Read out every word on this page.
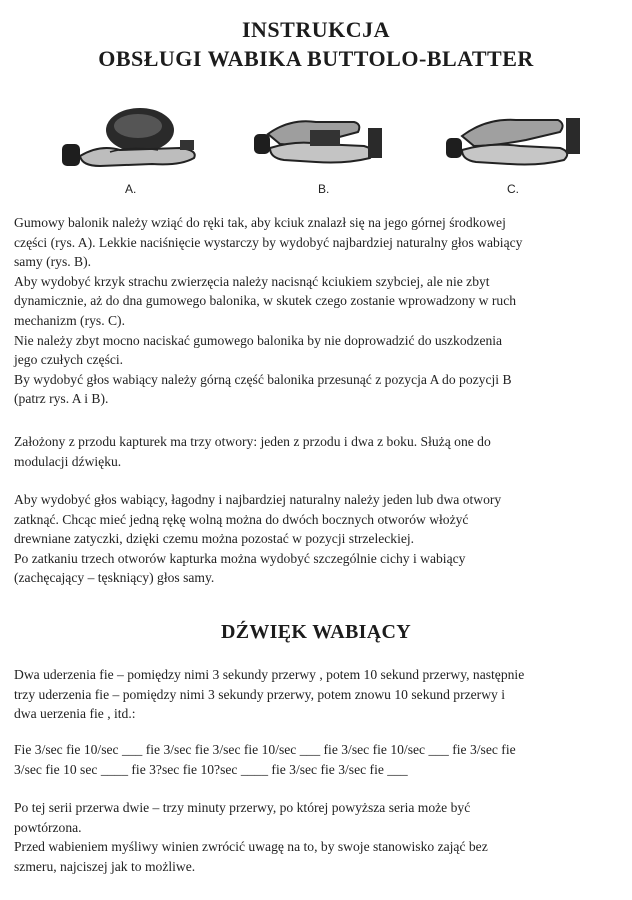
INSTRUKCJA
OBSŁUGI WABIKA BUTTOLO-BLATTER
A.	B.	C.
Gumowy balonik należy wziąć do ręki tak, aby kciuk znalazł się na jego górnej środkowej
części (rys. A). Lekkie naciśnięcie wystarczy by wydobyć najbardziej naturalny głos wabiący
samy (rys. B).
Aby wydobyć krzyk strachu zwierzęcia należy nacisnąć kciukiem szybciej, ale nie zbyt
dynamicznie, aż do dna gumowego balonika, w skutek czego zostanie wprowadzony w ruch
mechanizm (rys. C).
Nie należy zbyt mocno naciskać gumowego balonika by nie doprowadzić do uszkodzenia
jego czułych części.
By wydobyć głos wabiący należy górną część balonika przesunąć z pozycja A do pozycji B
(patrz rys. A i B).
Założony z przodu kapturek ma trzy otwory: jeden z przodu i dwa z boku. Służą one do
modulacji dźwięku.
Aby wydobyć głos wabiący, łagodny i najbardziej naturalny należy jeden lub dwa otwory
zatknąć. Chcąc mieć jedną rękę wolną można do dwóch bocznych otworów włożyć
drewniane zatyczki, dzięki czemu można pozostać w pozycji strzeleckiej.
Po zatkaniu trzech otworów kapturka można wydobyć szczególnie cichy i wabiący
(zachęcający – tęskniący) głos samy.
DŹWIĘK WABIĄCY
Dwa uderzenia fie – pomiędzy nimi 3 sekundy przerwy , potem 10 sekund przerwy, następnie
trzy uderzenia fie – pomiędzy nimi 3 sekundy przerwy, potem znowu 10 sekund przerwy i
dwa uerzenia fie , itd.:
Fie 3/sec fie 10/sec ___ fie 3/sec fie 3/sec fie 10/sec ___ fie 3/sec fie 10/sec ___ fie 3/sec fie
3/sec fie 10 sec ____ fie 3?sec fie 10?sec ____ fie 3/sec fie 3/sec fie ___
Po tej serii przerwa dwie – trzy minuty przerwy, po której powyższa seria może być
powtórzona.
Przed wabieniem myśliwy winien zwrócić uwagę na to, by swoje stanowisko zająć bez
szmeru, najciszej jak to możliwe.
